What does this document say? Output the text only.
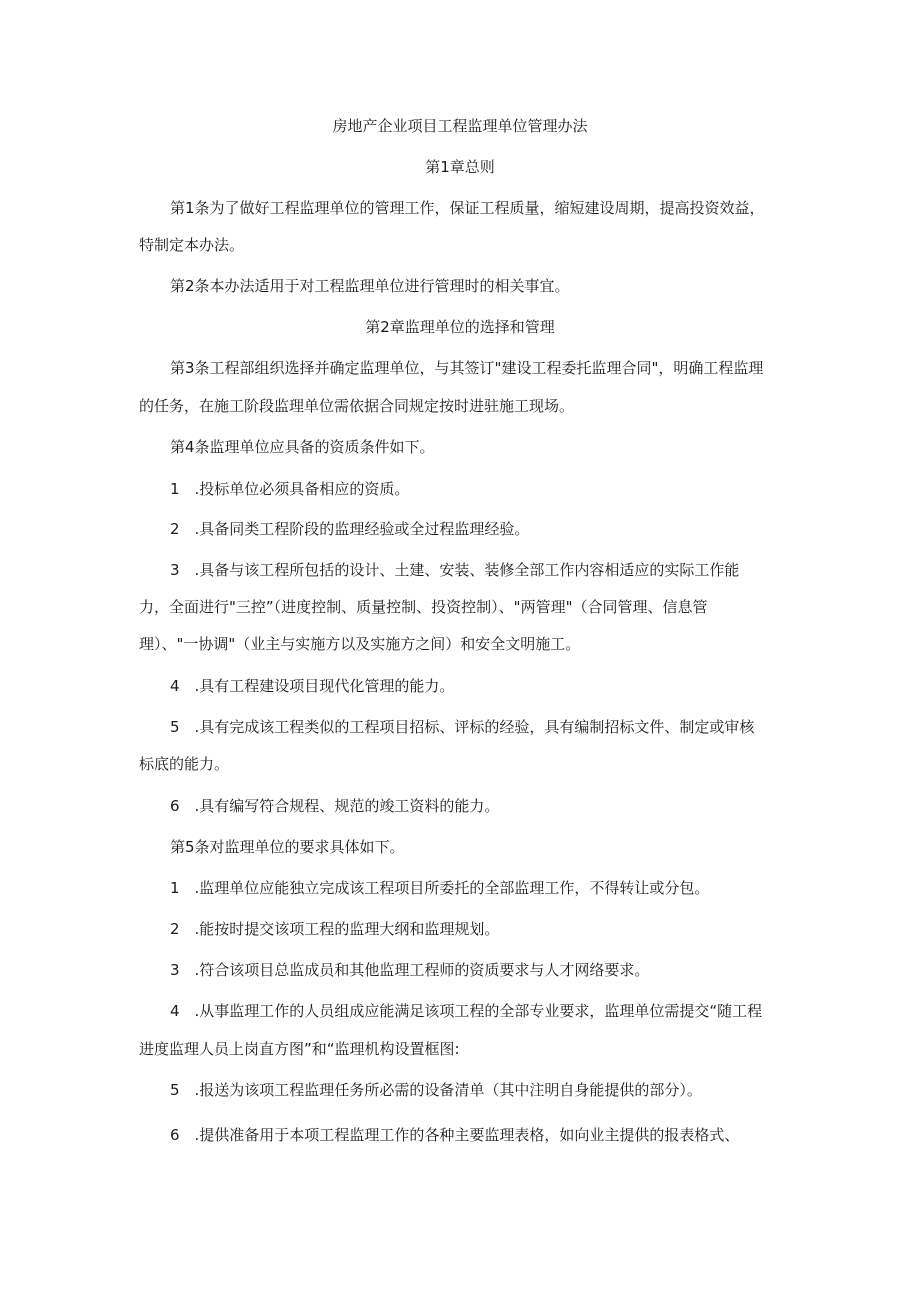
房地产企业项目工程监理单位管理办法
第1章总则
第1条为了做好工程监理单位的管理工作，保证工程质量，缩短建设周期，提高投资效益，
特制定本办法。
第2条本办法适用于对工程监理单位进行管理时的相关事宜。
第2章监理单位的选择和管理
第3条工程部组织选择并确定监理单位，与其签订"建设工程委托监理合同"，明确工程监理
的任务，在施工阶段监理单位需依据合同规定按时进驻施工现场。
第4条监理单位应具备的资质条件如下。
1　.投标单位必须具备相应的资质。
2　.具备同类工程阶段的监理经验或全过程监理经验。
3　.具备与该工程所包括的设计、土建、安装、装修全部工作内容相适应的实际工作能
力，全面进行"三控”（进度控制、质量控制、投资控制）、"两管理"（合同管理、信息管
理）、"一协调"（业主与实施方以及实施方之间）和安全文明施工。
4　.具有工程建设项目现代化管理的能力。
5　.具有完成该工程类似的工程项目招标、评标的经验，具有编制招标文件、制定或审核
标底的能力。
6　.具有编写符合规程、规范的竣工资料的能力。
第5条对监理单位的要求具体如下。
1　.监理单位应能独立完成该工程项目所委托的全部监理工作，不得转让或分包。
2　.能按时提交该项工程的监理大纲和监理规划。
3　.符合该项目总监成员和其他监理工程师的资质要求与人才网络要求。
4　.从事监理工作的人员组成应能满足该项工程的全部专业要求，监理单位需提交“随工程
进度监理人员上岗直方图”和“监理机构设置框图:
5　.报送为该项工程监理任务所必需的设备清单（其中注明自身能提供的部分）。
6　.提供准备用于本项工程监理工作的各种主要监理表格，如向业主提供的报表格式、
